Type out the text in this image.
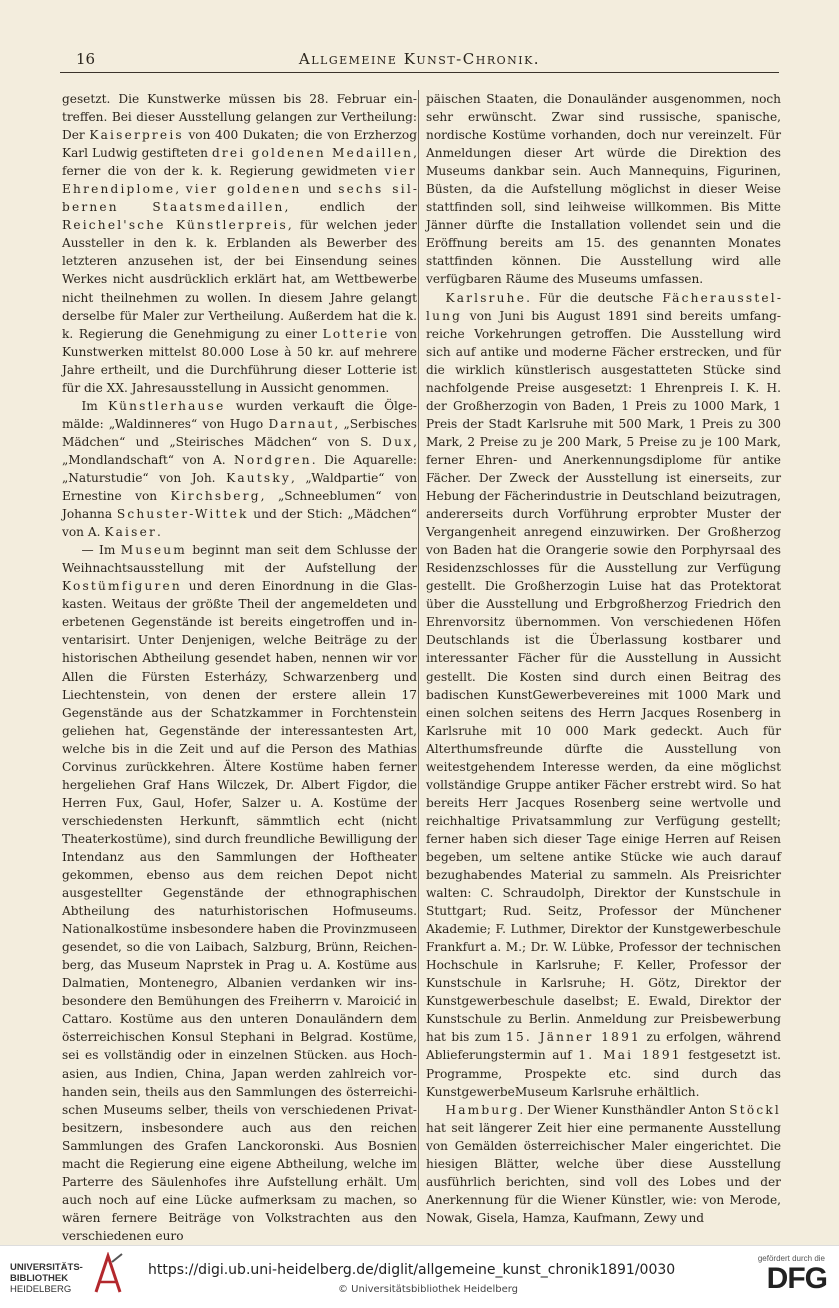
16	Allgemeine Kunst-Chronik.

gesetzt. Die Kunstwerke müssen bis 28. Februar eintreffen. Bei dieser Ausstellung gelangen zur Vertheilung: Der Kaiserpreis von 400 Dukaten; die von Erzherzog Karl Ludwig gestifteten drei goldenen Medaillen, ferner die von der k. k. Regierung gewidmeten vier Ehrendiplome, vier goldenen und sechs silbernen Staatsmedaillen, endlich der Reichel'sche Künstlerpreis, für welchen jeder Aussteller in den k. k. Erblanden als Bewerber des letzteren anzusehen ist, der bei Einsendung seines Werkes nicht ausdrücklich erklärt hat, am Wettbewerbe nicht theilnehmen zu wollen. In diesem Jahre gelangt derselbe für Maler zur Vertheilung. Außerdem hat die k. k. Regierung die Genehmigung zu einer Lotterie von Kunstwerken mittelst 80.000 Lose à 50 kr. auf mehrere Jahre ertheilt, und die Durchführung dieser Lotterie ist für die XX. Jahresausstellung in Aussicht genommen.

Im Künstlerhause wurden verkauft die Ölgemälde: „Waldinneres“ von Hugo Darnaut, „Serbisches Mädchen“ und „Steirisches Mädchen“ von S. Dux, „Mondlandschaft“ von A. Nordgren. Die Aquarelle: „Naturstudie“ von Joh. Kautsky, „Waldpartie“ von Ernestine von Kirchsberg, „Schneeblumen“ von Johanna Schuster-Wittek und der Stich: „Mädchen“ von A. Kaiser.

— Im Museum beginnt man seit dem Schlusse der Weihnachtsausstellung mit der Aufstellung der Kostümfiguren und deren Einordnung in die Glaskasten. Weitaus der größte Theil der angemeldeten und erbetenen Gegenstände ist bereits eingetroffen und inventarisirt. Unter Denjenigen, welche Beiträge zu der historischen Abtheilung gesendet haben, nennen wir vor Allen die Fürsten Esterházy, Schwarzenberg und Liechtenstein, von denen der erstere allein 17 Gegenstände aus der Schatzkammer in Forchtenstein geliehen hat, Gegenstände der interessantesten Art, welche bis in die Zeit und auf die Person des Mathias Corvinus zurückkehren. Ältere Kostüme haben ferner hergeliehen Graf Hans Wilczek, Dr. Albert Figdor, die Herren Fux, Gaul, Hofer, Salzer u. A. Kostüme der verschiedensten Herkunft, sämmtlich echt (nicht Theaterkostüme), sind durch freundliche Bewilligung der Intendanz aus den Sammlungen der Hoftheater gekommen, ebenso aus dem reichen Depot nicht ausgestellter Gegenstände der ethnographischen Abtheilung des naturhistorischen Hofmuseums. Nationalkostüme insbesondere haben die Provinzmuseen gesendet, so die von Laibach, Salzburg, Brünn, Reichenberg, das Museum Naprstek in Prag u. A. Kostüme aus Dalmatien, Montenegro, Albanien verdanken wir insbesondere den Bemühungen des Freiherrn v. Maroicić in Cattaro. Kostüme aus den unteren Donauländern dem österreichischen Konsul Stephani in Belgrad. Kostüme, sei es vollständig oder in einzelnen Stücken. aus Hochasien, aus Indien, China, Japan werden zahlreich vorhanden sein, theils aus den Sammlungen des österreichischen Museums selber, theils von verschiedenen Privatbesitzern, insbesondere auch aus den reichen Sammlungen des Grafen Lanckoronski. Aus Bosnien macht die Regierung eine eigene Abtheilung, welche im Parterre des Säulenhofes ihre Aufstellung erhält. Um auch noch auf eine Lücke aufmerksam zu machen, so wären fernere Beiträge von Volkstrachten aus den verschiedenen euro

päischen Staaten, die Donauländer ausgenommen, noch sehr erwünscht. Zwar sind russische, spanische, nordische Kostüme vorhanden, doch nur vereinzelt. Für Anmeldungen dieser Art würde die Direktion des Museums dankbar sein. Auch Mannequins, Figurinen, Büsten, da die Aufstellung möglichst in dieser Weise stattfinden soll, sind leihweise willkommen. Bis Mitte Jänner dürfte die Installation vollendet sein und die Eröffnung bereits am 15. des genannten Monates stattfinden können. Die Ausstellung wird alle verfügbaren Räume des Museums umfassen.

Karlsruhe. Für die deutsche Fächerausstellung von Juni bis August 1891 sind bereits umfangreiche Vorkehrungen getroffen. Die Ausstellung wird sich auf antike und moderne Fächer erstrecken, und für die wirklich künstlerisch ausgestatteten Stücke sind nachfolgende Preise ausgesetzt: 1 Ehrenpreis I. K. H. der Großherzogin von Baden, 1 Preis zu 1000 Mark, 1 Preis der Stadt Karlsruhe mit 500 Mark, 1 Preis zu 300 Mark, 2 Preise zu je 200 Mark, 5 Preise zu je 100 Mark, ferner Ehren- und Anerkennungsdiplome für antike Fächer. Der Zweck der Ausstellung ist einerseits, zur Hebung der Fächerindustrie in Deutschland beizutragen, andererseits durch Vorführung erprobter Muster der Vergangenheit anregend einzuwirken. Der Großherzog von Baden hat die Orangerie sowie den Porphyrsaal des Residenzschlosses für die Ausstellung zur Verfügung gestellt. Die Großherzogin Luise hat das Protektorat über die Ausstellung und Erbgroßherzog Friedrich den Ehrenvorsitz übernommen. Von verschiedenen Höfen Deutschlands ist die Überlassung kostbarer und interessanter Fächer für die Ausstellung in Aussicht gestellt. Die Kosten sind durch einen Beitrag des badischen KunstGewerbevereines mit 1000 Mark und einen solchen seitens des Herrn Jacques Rosenberg in Karlsruhe mit 10 000 Mark gedeckt. Auch für Alterthumsfreunde dürfte die Ausstellung von weitestgehendem Interesse werden, da eine möglichst vollständige Gruppe antiker Fächer erstrebt wird. So hat bereits Herr Jacques Rosenberg seine wertvolle und reichhaltige Privatsammlung zur Verfügung gestellt; ferner haben sich dieser Tage einige Herren auf Reisen begeben, um seltene antike Stücke wie auch darauf bezughabendes Material zu sammeln. Als Preisrichter walten: C. Schraudolph, Direktor der Kunstschule in Stuttgart; Rud. Seitz, Professor der Münchener Akademie; F. Luthmer, Direktor der Kunstgewerbeschule Frankfurt a. M.; Dr. W. Lübke, Professor der technischen Hochschule in Karlsruhe; F. Keller, Professor der Kunstschule in Karlsruhe; H. Götz, Direktor der Kunstgewerbeschule daselbst; E. Ewald, Direktor der Kunstschule zu Berlin. Anmeldung zur Preisbewerbung hat bis zum 15. Jänner 1891 zu erfolgen, während Ablieferungstermin auf 1. Mai 1891 festgesetzt ist. Programme, Prospekte etc. sind durch das KunstgewerbeMuseum Karlsruhe erhältlich.

Hamburg. Der Wiener Kunsthändler Anton Stöckl hat seit längerer Zeit hier eine permanente Ausstellung von Gemälden österreichischer Maler eingerichtet. Die hiesigen Blätter, welche über diese Ausstellung ausführlich berichten, sind voll des Lobes und der Anerkennung für die Wiener Künstler, wie: von Merode, Nowak, Gisela, Hamza, Kaufmann, Zewy und

UNIVERSITÄTS-
BIBLIOTHEK
HEIDELBERG
https://digi.ub.uni-heidelberg.de/diglit/allgemeine_kunst_chronik1891/0030
© Universitätsbibliothek Heidelberg
gefördert durch die
DFG
